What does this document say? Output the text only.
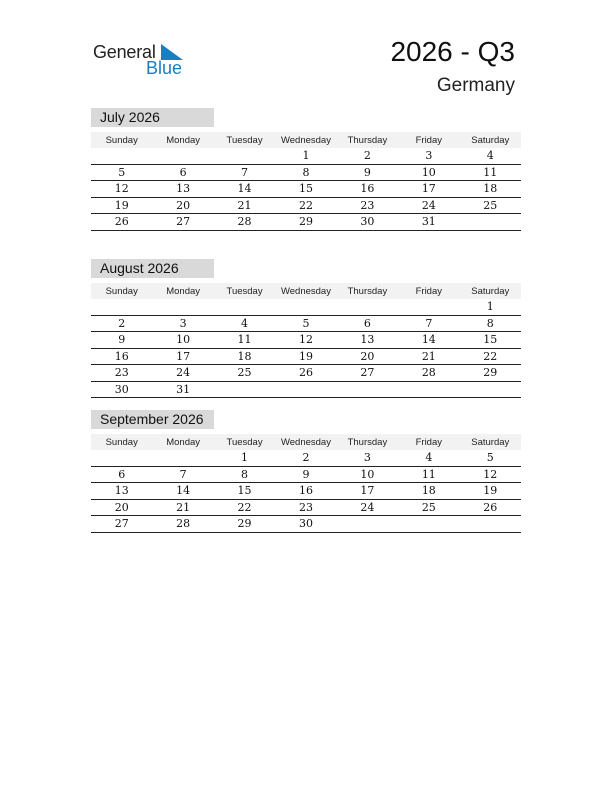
General
Blue
2026 - Q3
Germany
July 2026
Sunday	Monday	Tuesday	Wednesday	Thursday	Friday	Saturday
			1	2	3	4
5	6	7	8	9	10	11
12	13	14	15	16	17	18
19	20	21	22	23	24	25
26	27	28	29	30	31	
August 2026
Sunday	Monday	Tuesday	Wednesday	Thursday	Friday	Saturday
						1
2	3	4	5	6	7	8
9	10	11	12	13	14	15
16	17	18	19	20	21	22
23	24	25	26	27	28	29
30	31					
September 2026
Sunday	Monday	Tuesday	Wednesday	Thursday	Friday	Saturday
		1	2	3	4	5
6	7	8	9	10	11	12
13	14	15	16	17	18	19
20	21	22	23	24	25	26
27	28	29	30			
